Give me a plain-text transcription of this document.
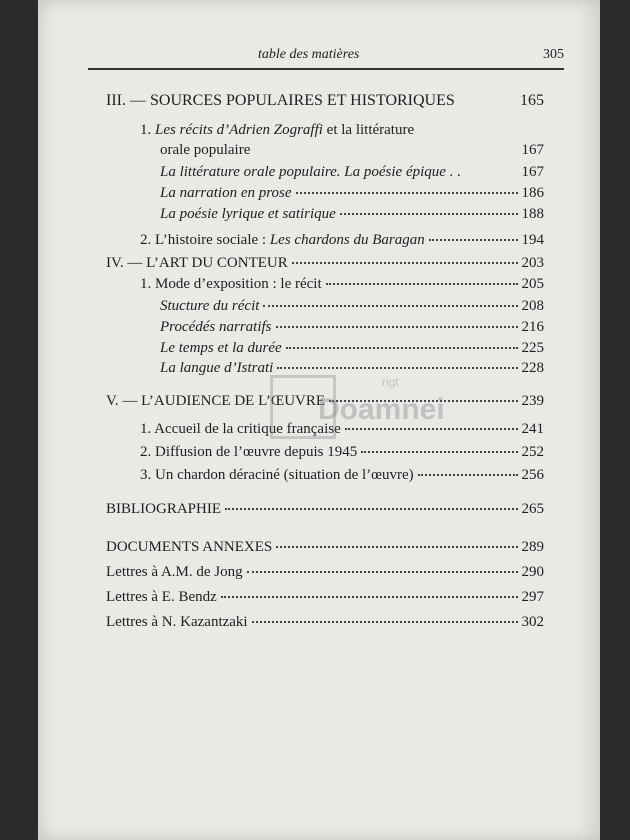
table des matières	305
III. — SOURCES POPULAIRES ET HISTORIQUES	165
1. Les récits d’Adrien Zograffi et la littérature
orale populaire	167
La littérature orale populaire. La poésie épique . .	167
La narration en prose	186
La poésie lyrique et satirique	188
2. L’histoire sociale : Les chardons du Baragan	194
IV. — L’ART DU CONTEUR	203
1. Mode d’exposition : le récit	205
Stucture du récit	208
Procédés narratifs	216
Le temps et la durée	225
La langue d’Istrati	228
V. — L’AUDIENCE DE L’ŒUVRE	239
1. Accueil de la critique française	241
2. Diffusion de l’œuvre depuis 1945	252
3. Un chardon déraciné (situation de l’œuvre)	256
BIBLIOGRAPHIE	265
DOCUMENTS ANNEXES	289
Lettres à A.M. de Jong	290
Lettres à E. Bendz	297
Lettres à N. Kazantzaki	302
Doamnei
rigt
